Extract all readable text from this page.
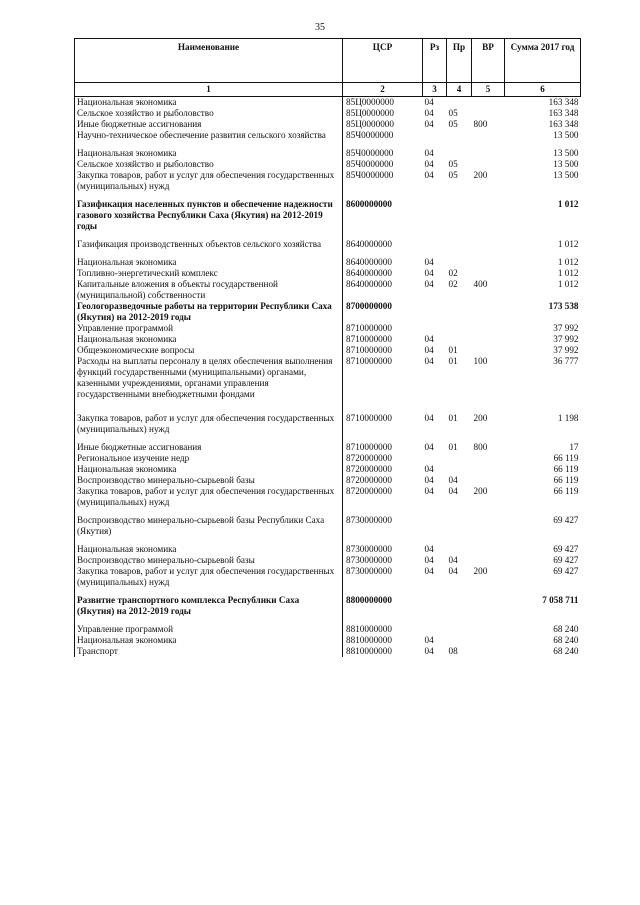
35
Наименование	ЦСР	Рз	Пр	ВР	Сумма 2017 год
1	2	3	4	5	6
Национальная экономика	85Ц0000000	04			163 348
Сельское хозяйство и рыболовство	85Ц0000000	04	05		163 348
Иные бюджетные ассигнования	85Ц0000000	04	05	800	163 348
Научно-техническое обеспечение развития сельского хозяйства	85Ч0000000				13 500
Национальная экономика	85Ч0000000	04			13 500
Сельское хозяйство и рыболовство	85Ч0000000	04	05		13 500
Закупка товаров, работ и услуг для обеспечения государственных (муниципальных) нужд	85Ч0000000	04	05	200	13 500
Газификация населенных пунктов и обеспечение надежности газового хозяйства Республики Саха (Якутия) на 2012-2019 годы	8600000000				1 012
Газификация производственных объектов сельского хозяйства	8640000000				1 012
Национальная экономика	8640000000	04			1 012
Топливно-энергетический комплекс	8640000000	04	02		1 012
Капитальные вложения в объекты государственной (муниципальной) собственности	8640000000	04	02	400	1 012
Геологоразведочные работы на территории Республики Саха (Якутия) на 2012-2019 годы	8700000000				173 538
Управление программой	8710000000				37 992
Национальная экономика	8710000000	04			37 992
Общеэкономические вопросы	8710000000	04	01		37 992
Расходы на выплаты персоналу в целях обеспечения выполнения функций государственными (муниципальными) органами, казенными учреждениями, органами управления государственными внебюджетными фондами	8710000000	04	01	100	36 777
Закупка товаров, работ и услуг для обеспечения государственных (муниципальных) нужд	8710000000	04	01	200	1 198
Иные бюджетные ассигнования	8710000000	04	01	800	17
Региональное изучение недр	8720000000				66 119
Национальная экономика	8720000000	04			66 119
Воспроизводство минерально-сырьевой базы	8720000000	04	04		66 119
Закупка товаров, работ и услуг для обеспечения государственных (муниципальных) нужд	8720000000	04	04	200	66 119
Воспроизводство минерально-сырьевой базы Республики Саха (Якутия)	8730000000				69 427
Национальная экономика	8730000000	04			69 427
Воспроизводство минерально-сырьевой базы	8730000000	04	04		69 427
Закупка товаров, работ и услуг для обеспечения государственных (муниципальных) нужд	8730000000	04	04	200	69 427
Развитие транспортного комплекса Республики Саха (Якутия) на 2012-2019 годы	8800000000				7 058 711
Управление программой	8810000000				68 240
Национальная экономика	8810000000	04			68 240
Транспорт	8810000000	04	08		68 240
